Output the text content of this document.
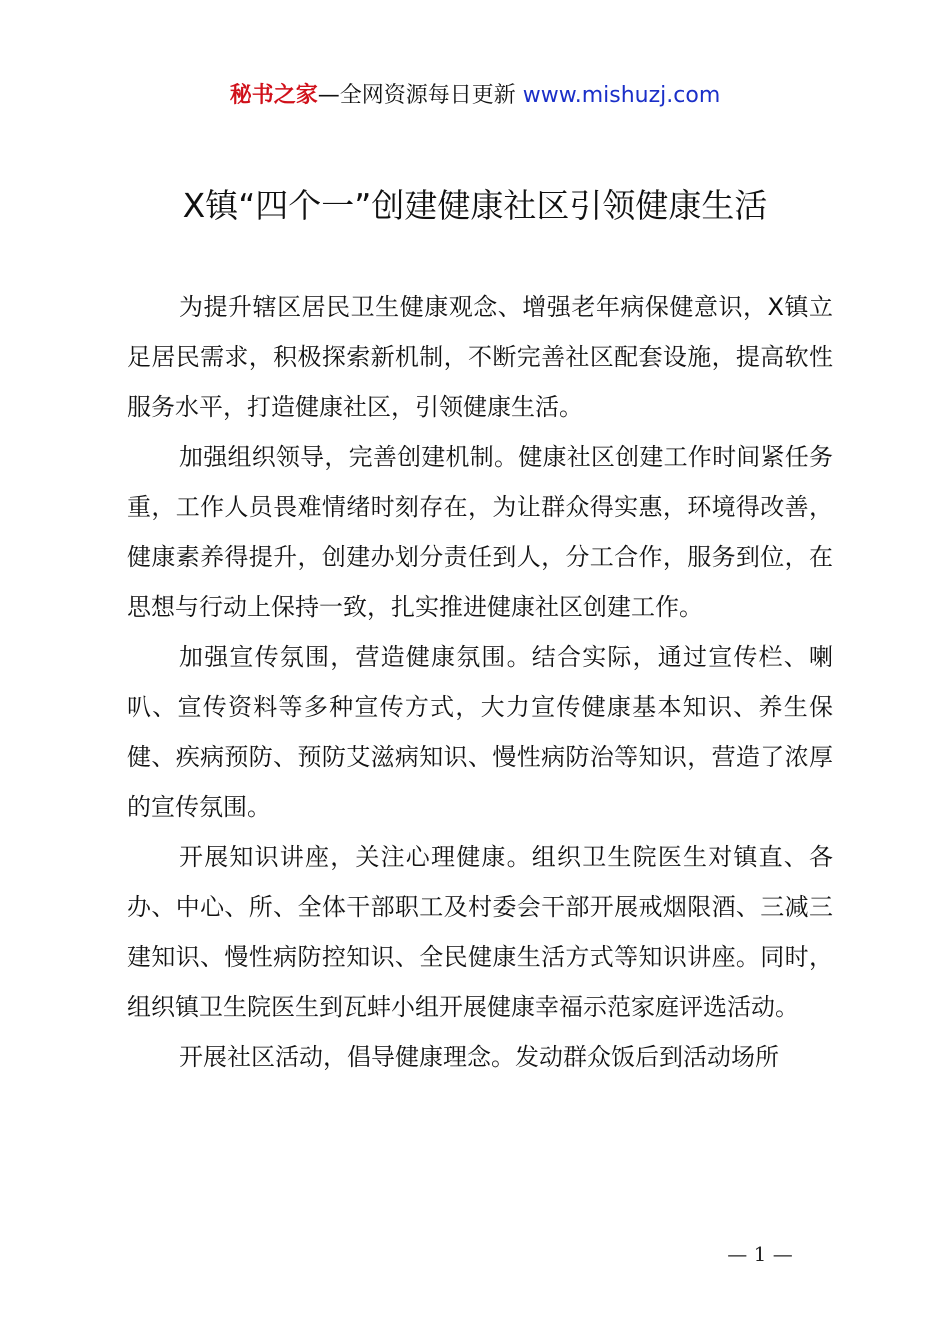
秘书之家—全网资源每日更新 www.mishuzj.com
X镇“四个一”创建健康社区引领健康生活

为提升辖区居民卫生健康观念、增强老年病保健意识，X镇立足居民需求，积极探索新机制，不断完善社区配套设施，提高软性服务水平，打造健康社区，引领健康生活。

加强组织领导，完善创建机制。健康社区创建工作时间紧任务重，工作人员畏难情绪时刻存在，为让群众得实惠，环境得改善，健康素养得提升，创建办划分责任到人，分工合作，服务到位，在思想与行动上保持一致，扎实推进健康社区创建工作。

加强宣传氛围，营造健康氛围。结合实际，通过宣传栏、喇叭、宣传资料等多种宣传方式，大力宣传健康基本知识、养生保健、疾病预防、预防艾滋病知识、慢性病防治等知识，营造了浓厚的宣传氛围。

开展知识讲座，关注心理健康。组织卫生院医生对镇直、各办、中心、所、全体干部职工及村委会干部开展戒烟限酒、三减三建知识、慢性病防控知识、全民健康生活方式等知识讲座。同时，组织镇卫生院医生到瓦蚌小组开展健康幸福示范家庭评选活动。

开展社区活动，倡导健康理念。发动群众饭后到活动场所

— 1 —
